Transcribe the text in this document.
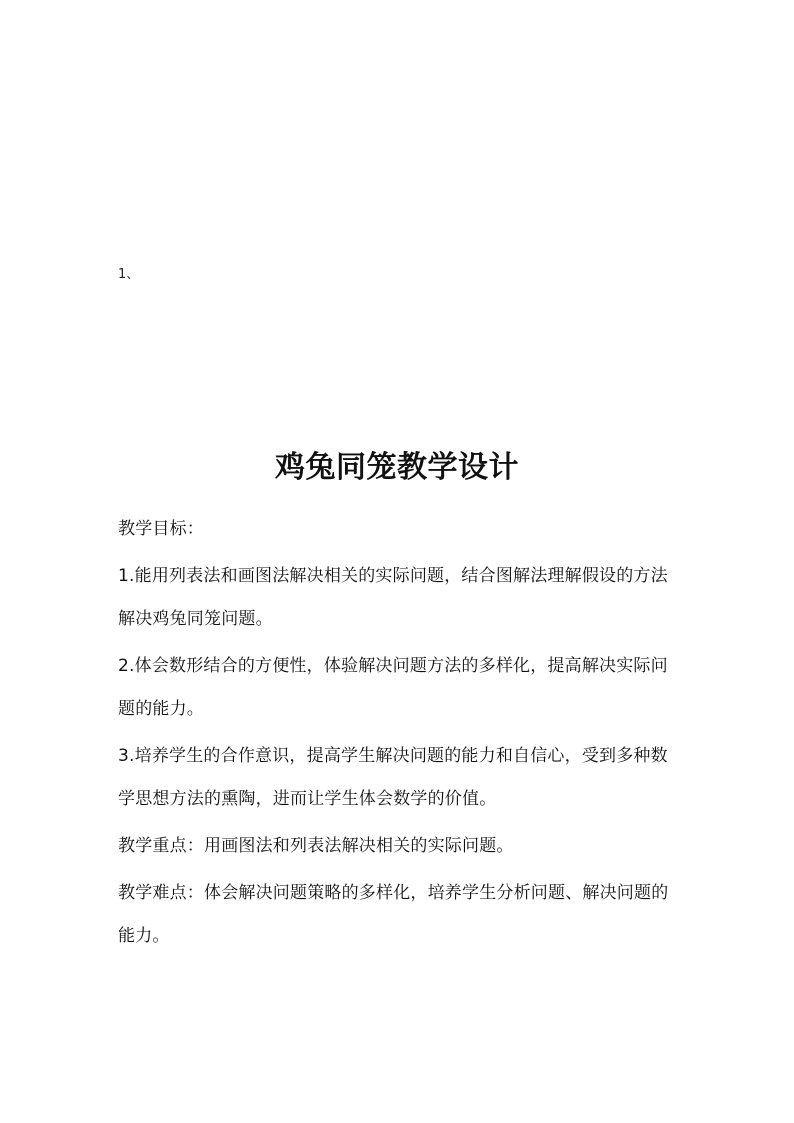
1、
鸡兔同笼教学设计

教学目标：

1.能用列表法和画图法解决相关的实际问题，结合图解法理解假设的方法解决鸡兔同笼问题。

2.体会数形结合的方便性，体验解决问题方法的多样化，提高解决实际问题的能力。

3.培养学生的合作意识，提高学生解决问题的能力和自信心，受到多种数学思想方法的熏陶，进而让学生体会数学的价值。

教学重点：用画图法和列表法解决相关的实际问题。

教学难点：体会解决问题策略的多样化，培养学生分析问题、解决问题的能力。
